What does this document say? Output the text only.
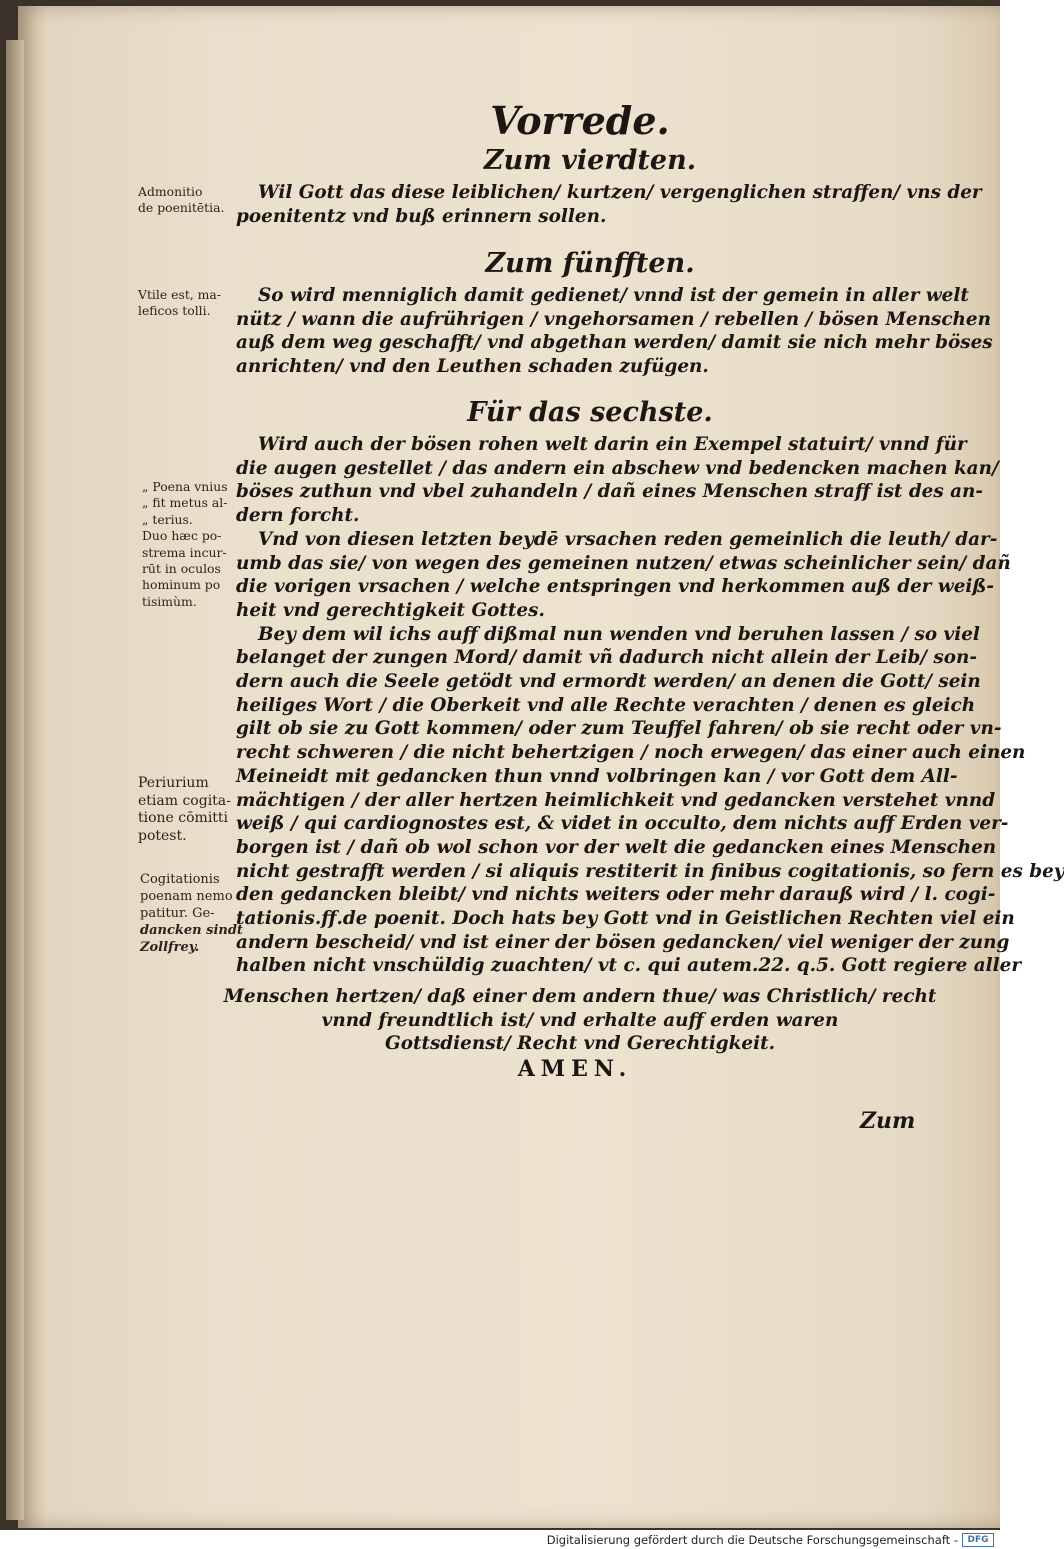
Vorrede.
Zum vierdten.
Wil Gott das diese leiblichen/ kurtzen/ vergenglichen straffen/ vns der
poenitentz vnd buß erinnern sollen.
Zum fünfften.
So wird menniglich damit gedienet/ vnnd ist der gemein in aller welt
nütz / wann die aufrührigen / vngehorsamen / rebellen / bösen Menschen
auß dem weg geschafft/ vnd abgethan werden/ damit sie nich mehr böses
anrichten/ vnd den Leuthen schaden zufügen.
Für das sechste.
Wird auch der bösen rohen welt darin ein Exempel statuirt/ vnnd für
die augen gestellet / das andern ein abschew vnd bedencken machen kan/
böses zuthun vnd vbel zuhandeln / dañ eines Menschen straff ist des an-
dern forcht.
Vnd von diesen letzten beydē vrsachen reden gemeinlich die leuth/ dar-
umb das sie/ von wegen des gemeinen nutzen/ etwas scheinlicher sein/ dañ
die vorigen vrsachen / welche entspringen vnd herkommen auß der weiß-
heit vnd gerechtigkeit Gottes.
Bey dem wil ichs auff dißmal nun wenden vnd beruhen lassen / so viel
belanget der zungen Mord/ damit vñ dadurch nicht allein der Leib/ son-
dern auch die Seele getödt vnd ermordt werden/ an denen die Gott/ sein
heiliges Wort / die Oberkeit vnd alle Rechte verachten / denen es gleich
gilt ob sie zu Gott kommen/ oder zum Teuffel fahren/ ob sie recht oder vn-
recht schweren / die nicht behertzigen / noch erwegen/ das einer auch einen
Meineidt mit gedancken thun vnnd volbringen kan / vor Gott dem All-
mächtigen / der aller hertzen heimlichkeit vnd gedancken verstehet vnnd
weiß / qui cardiognostes est, & videt in occulto, dem nichts auff Erden ver-
borgen ist / dañ ob wol schon vor der welt die gedancken eines Menschen
nicht gestrafft werden / si aliquis restiterit in finibus cogitationis, so fern es bey
den gedancken bleibt/ vnd nichts weiters oder mehr darauß wird / l. cogi-
tationis.ff.de poenit. Doch hats bey Gott vnd in Geistlichen Rechten viel ein
andern bescheid/ vnd ist einer der bösen gedancken/ viel weniger der zung
halben nicht vnschüldig zuachten/ vt c. qui autem.22. q.5. Gott regiere aller
Menschen hertzen/ daß einer dem andern thue/ was Christlich/ recht
vnnd freundtlich ist/ vnd erhalte auff erden waren
Gottsdienst/ Recht vnd Gerechtigkeit.
AMEN.
Zum
Admonitio
de poenitētia.
Vtile est, ma-
leficos tolli.
„ Poena vnius
„ fit metus al-
„ terius.
Duo hæc po-
strema incur-
rūt in oculos
hominum po
tisimùm.
Periurium
etiam cogita-
tione cōmitti
potest.
Cogitationis
poenam nemo
patitur. Ge-
dancken sindt
Zollfrey.
Digitalisierung gefördert durch die Deutsche Forschungsgemeinschaft -	DFG
